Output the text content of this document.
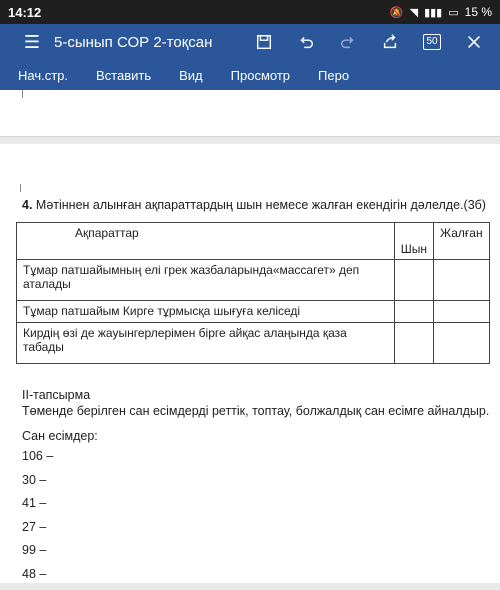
14:12	🔕 ◥ ▮▮▮ ▭ 15 %
☰ 5-сынып СОР 2-тоқсан	50
Нач.стр. Вставить Вид Просмотр Перо
4. Мәтіннен алынған ақпараттардың шын немесе жалған екендігін дәлелде.(3б)
Ақпараттар	Шын	Жалған
Тұмар патшайымның елі грек жазбаларында«массагет» деп аталады		
Тұмар патшайым Кирге тұрмысқа шығуға келіседі		
Кирдің өзі де жауынгерлерімен бірге айқас алаңында қаза табады		
ІІ-тапсырма
Төменде берілген сан есімдерді реттік, топтау, болжалдық сан есімге айналдыр.
Сан есімдер:
106 –
30 –
41 –
27 –
99 –
48 –
